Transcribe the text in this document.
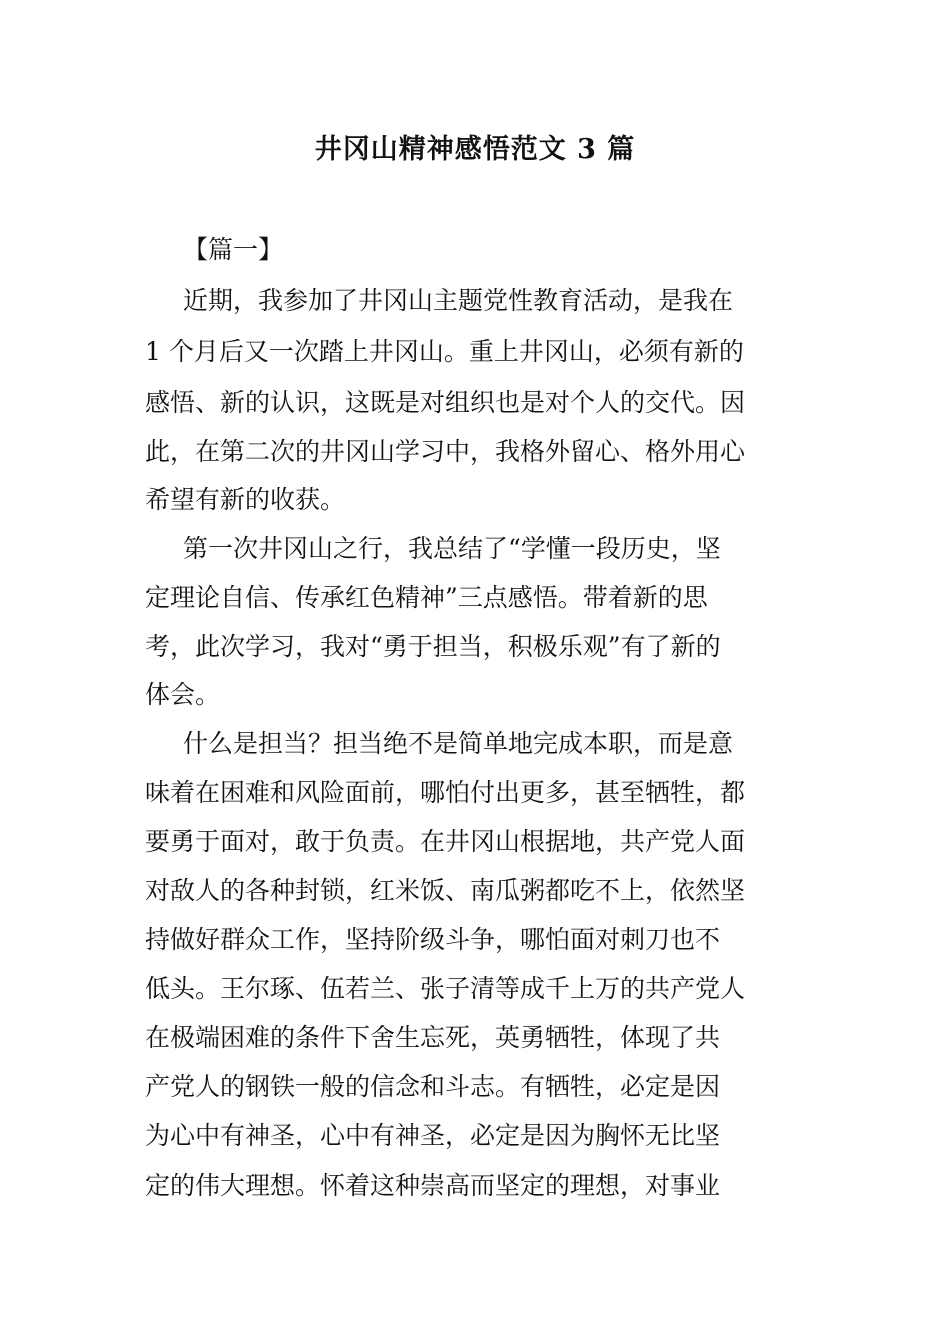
井冈山精神感悟范文 3 篇
【篇一】
近期，我参加了井冈山主题党性教育活动，是我在
1 个月后又一次踏上井冈山。重上井冈山，必须有新的
感悟、新的认识，这既是对组织也是对个人的交代。因
此，在第二次的井冈山学习中，我格外留心、格外用心
希望有新的收获。
第一次井冈山之行，我总结了“学懂一段历史，坚
定理论自信、传承红色精神”三点感悟。带着新的思
考，此次学习，我对“勇于担当，积极乐观”有了新的
体会。
什么是担当？担当绝不是简单地完成本职，而是意
味着在困难和风险面前，哪怕付出更多，甚至牺牲，都
要勇于面对，敢于负责。在井冈山根据地，共产党人面
对敌人的各种封锁，红米饭、南瓜粥都吃不上，依然坚
持做好群众工作，坚持阶级斗争，哪怕面对刺刀也不
低头。王尔琢、伍若兰、张子清等成千上万的共产党人
在极端困难的条件下舍生忘死，英勇牺牲，体现了共
产党人的钢铁一般的信念和斗志。有牺牲，必定是因
为心中有神圣，心中有神圣，必定是因为胸怀无比坚
定的伟大理想。怀着这种崇高而坚定的理想，对事业
